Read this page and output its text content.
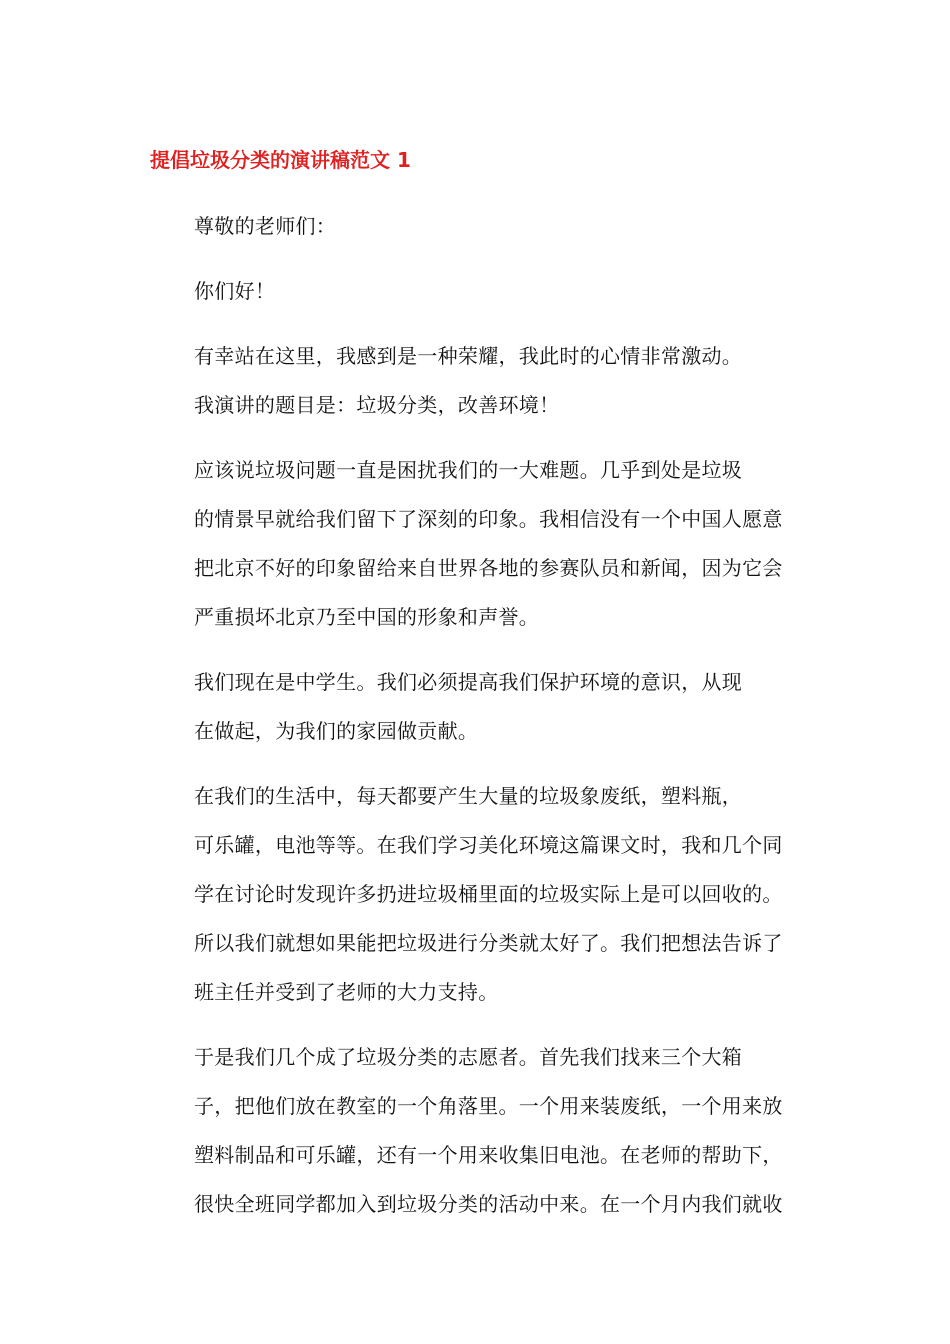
提倡垃圾分类的演讲稿范文 1

尊敬的老师们：

你们好！

有幸站在这里，我感到是一种荣耀，我此时的心情非常激动。
我演讲的题目是：垃圾分类，改善环境！

应该说垃圾问题一直是困扰我们的一大难题。几乎到处是垃圾
的情景早就给我们留下了深刻的印象。我相信没有一个中国人愿意
把北京不好的印象留给来自世界各地的参赛队员和新闻，因为它会
严重损坏北京乃至中国的形象和声誉。

我们现在是中学生。我们必须提高我们保护环境的意识，从现
在做起，为我们的家园做贡献。

在我们的生活中，每天都要产生大量的垃圾象废纸，塑料瓶，
可乐罐，电池等等。在我们学习美化环境这篇课文时，我和几个同
学在讨论时发现许多扔进垃圾桶里面的垃圾实际上是可以回收的。
所以我们就想如果能把垃圾进行分类就太好了。我们把想法告诉了
班主任并受到了老师的大力支持。

于是我们几个成了垃圾分类的志愿者。首先我们找来三个大箱
子，把他们放在教室的一个角落里。一个用来装废纸，一个用来放
塑料制品和可乐罐，还有一个用来收集旧电池。在老师的帮助下，
很快全班同学都加入到垃圾分类的活动中来。在一个月内我们就收
